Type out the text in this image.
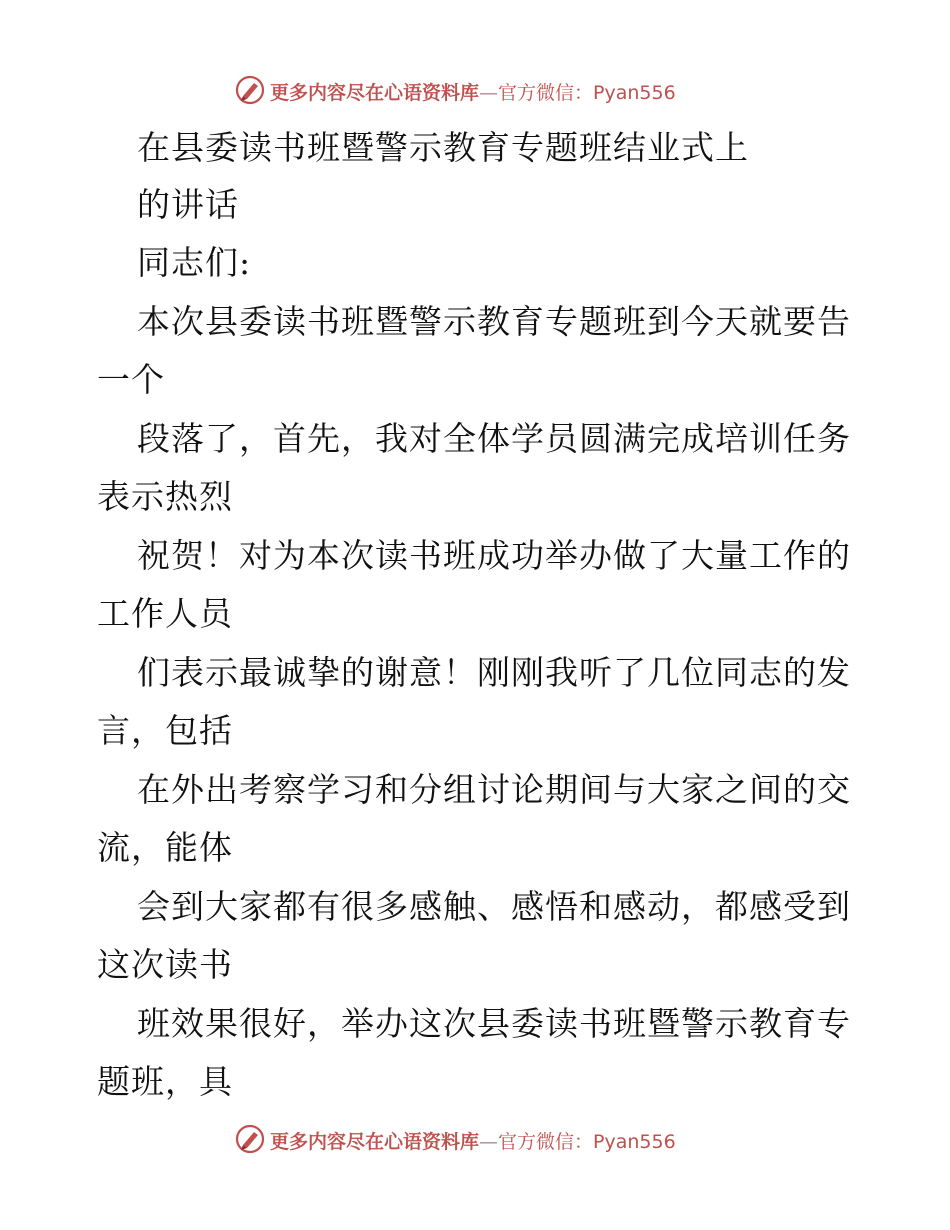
更多内容尽在心语资料库—官方微信：Pyan556
在县委读书班暨警示教育专题班结业式上
的讲话
同志们:
本次县委读书班暨警示教育专题班到今天就要告
一个
段落了，首先，我对全体学员圆满完成培训任务
表示热烈
祝贺！对为本次读书班成功举办做了大量工作的
工作人员
们表示最诚挚的谢意！刚刚我听了几位同志的发
言，包括
在外出考察学习和分组讨论期间与大家之间的交
流，能体
会到大家都有很多感触、感悟和感动，都感受到
这次读书
班效果很好，举办这次县委读书班暨警示教育专
题班，具
更多内容尽在心语资料库—官方微信：Pyan556
